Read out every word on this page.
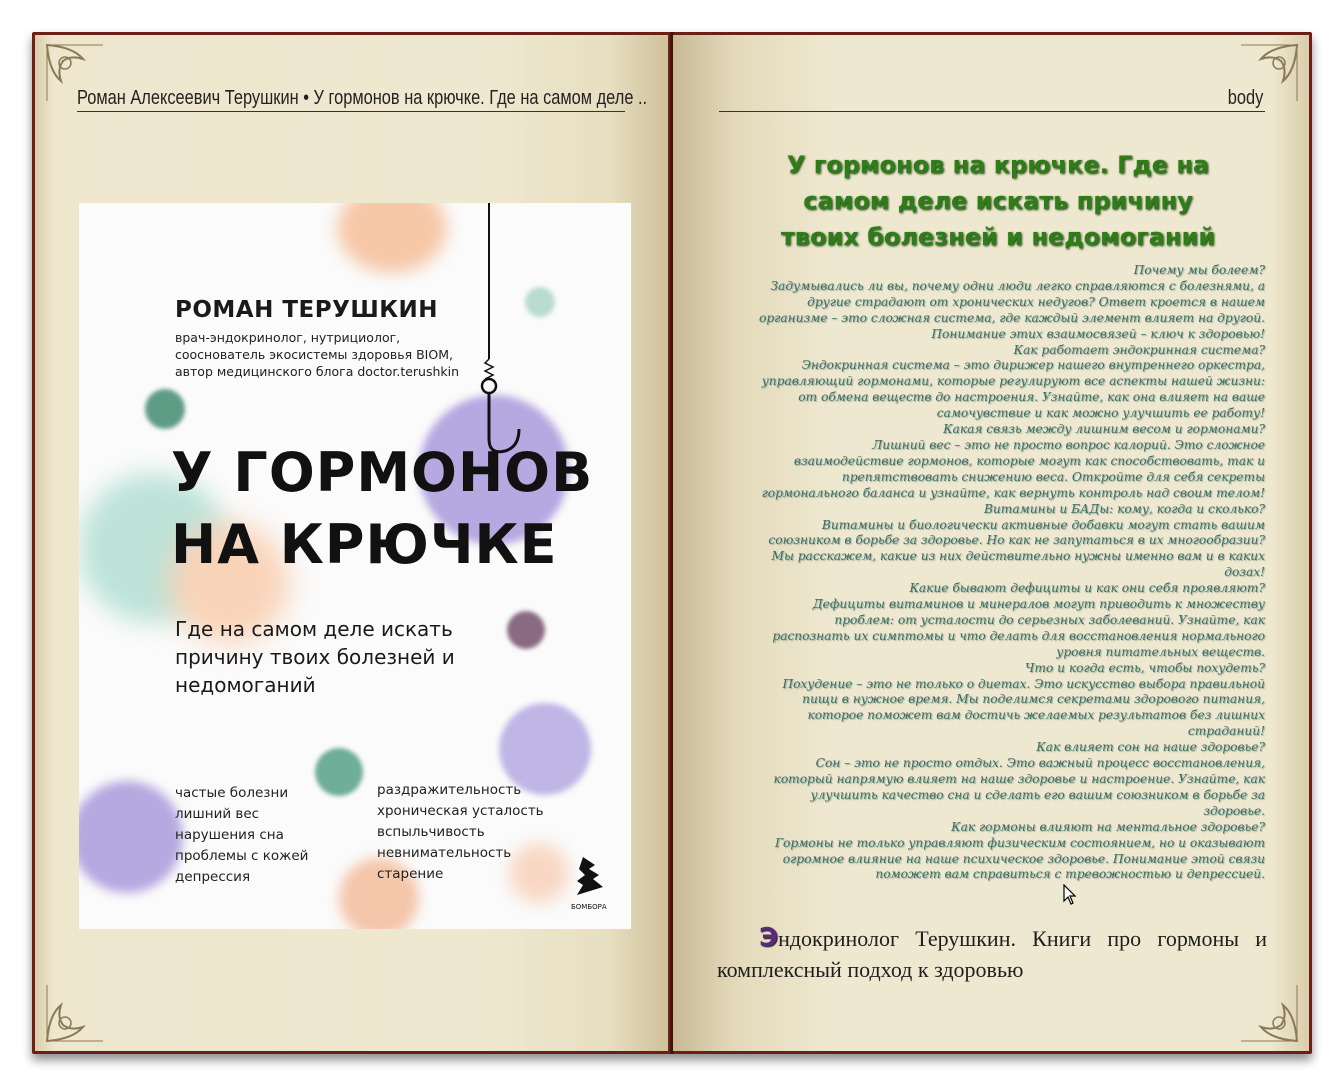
Роман Алексеевич Терушкин • У гормонов на крючке. Где на самом деле ..
РОМАН ТЕРУШКИН
врач-эндокринолог, нутрициолог,
сооснователь экосистемы здоровья BIOM,
автор медицинского блога doctor.terushkin
У ГОРМОНОВ
НА КРЮЧКЕ
Где на самом деле искать причину твоих болезней и недомоганий
частые болезни
лишний вес
нарушения сна
проблемы с кожей
депрессия
раздражительность
хроническая усталость
вспыльчивость
невнимательность
старение
БОМБОРА
body
У гормонов на крючке. Где на самом деле искать причину твоих болезней и недомоганий

Почему мы болеем?

Задумывались ли вы, почему одни люди легко справляются с болезнями, а другие страдают от хронических недугов? Ответ кроется в нашем организме – это сложная система, где каждый элемент влияет на другой. Понимание этих взаимосвязей – ключ к здоровью!

Как работает эндокринная система?

Эндокринная система – это дирижер нашего внутреннего оркестра, управляющий гормонами, которые регулируют все аспекты нашей жизни: от обмена веществ до настроения. Узнайте, как она влияет на ваше самочувствие и как можно улучшить ее работу!

Какая связь между лишним весом и гормонами?

Лишний вес – это не просто вопрос калорий. Это сложное взаимодействие гормонов, которые могут как способствовать, так и препятствовать снижению веса. Откройте для себя секреты гормонального баланса и узнайте, как вернуть контроль над своим телом!

Витамины и БАДы: кому, когда и сколько?

Витамины и биологически активные добавки могут стать вашим союзником в борьбе за здоровье. Но как не запутаться в их многообразии? Мы расскажем, какие из них действительно нужны именно вам и в каких дозах!

Какие бывают дефициты и как они себя проявляют?

Дефициты витаминов и минералов могут приводить к множеству проблем: от усталости до серьезных заболеваний. Узнайте, как распознать их симптомы и что делать для восстановления нормального уровня питательных веществ.

Что и когда есть, чтобы похудеть?

Похудение – это не только о диетах. Это искусство выбора правильной пищи в нужное время. Мы поделимся секретами здорового питания, которое поможет вам достичь желаемых результатов без лишних страданий!

Как влияет сон на наше здоровье?

Сон – это не просто отдых. Это важный процесс восстановления, который напрямую влияет на наше здоровье и настроение. Узнайте, как улучшить качество сна и сделать его вашим союзником в борьбе за здоровье.

Как гормоны влияют на ментальное здоровье?

Гормоны не только управляют физическим состоянием, но и оказывают огромное влияние на наше психическое здоровье. Понимание этой связи поможет вам справиться с тревожностью и депрессией.

Эндокринолог Терушкин. Книги про гормоны и комплексный подход к здоровью
